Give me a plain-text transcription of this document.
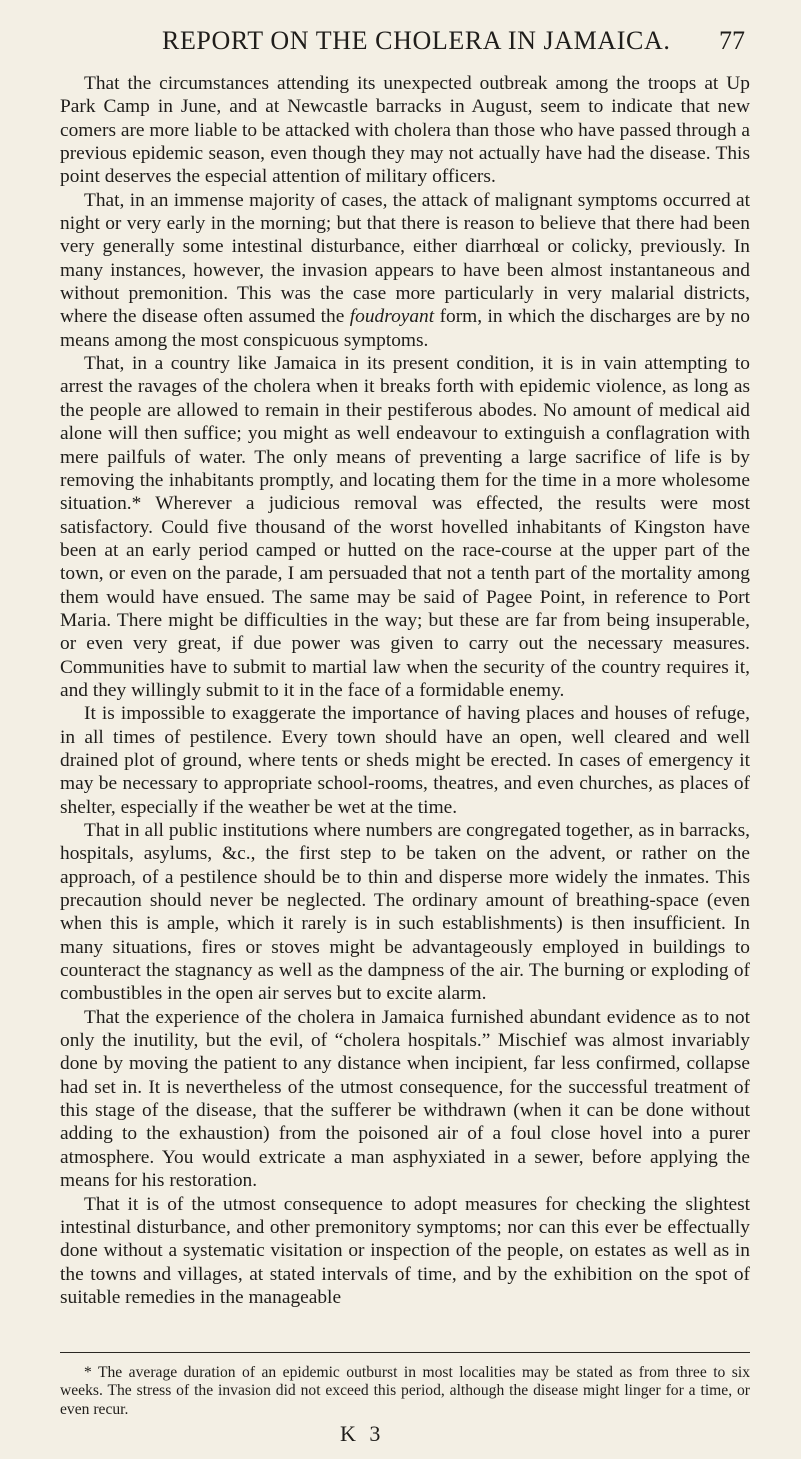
REPORT ON THE CHOLERA IN JAMAICA. 77

That the circumstances attending its unexpected outbreak among the troops at Up Park Camp in June, and at Newcastle barracks in August, seem to indicate that new comers are more liable to be attacked with cholera than those who have passed through a previous epidemic season, even though they may not actually have had the disease. This point deserves the especial attention of military officers.

That, in an immense majority of cases, the attack of malignant symptoms occurred at night or very early in the morning; but that there is reason to believe that there had been very generally some intestinal disturbance, either diarrhœal or colicky, previously. In many instances, however, the invasion appears to have been almost instantaneous and without premonition. This was the case more particularly in very malarial districts, where the disease often assumed the foudroyant form, in which the discharges are by no means among the most conspicuous symptoms.

That, in a country like Jamaica in its present condition, it is in vain attempting to arrest the ravages of the cholera when it breaks forth with epidemic violence, as long as the people are allowed to remain in their pestiferous abodes. No amount of medical aid alone will then suffice; you might as well endeavour to extinguish a conflagration with mere pailfuls of water. The only means of preventing a large sacrifice of life is by removing the inhabitants promptly, and locating them for the time in a more wholesome situation.* Wherever a judicious removal was effected, the results were most satisfactory. Could five thousand of the worst hovelled inhabitants of Kingston have been at an early period camped or hutted on the race-course at the upper part of the town, or even on the parade, I am persuaded that not a tenth part of the mortality among them would have ensued. The same may be said of Pagee Point, in reference to Port Maria. There might be difficulties in the way; but these are far from being insuperable, or even very great, if due power was given to carry out the necessary measures. Communities have to submit to martial law when the security of the country requires it, and they willingly submit to it in the face of a formidable enemy.

It is impossible to exaggerate the importance of having places and houses of refuge, in all times of pestilence. Every town should have an open, well cleared and well drained plot of ground, where tents or sheds might be erected. In cases of emergency it may be necessary to appropriate school-rooms, theatres, and even churches, as places of shelter, especially if the weather be wet at the time.

That in all public institutions where numbers are congregated together, as in barracks, hospitals, asylums, &c., the first step to be taken on the advent, or rather on the approach, of a pestilence should be to thin and disperse more widely the inmates. This precaution should never be neglected. The ordinary amount of breathing-space (even when this is ample, which it rarely is in such establishments) is then insufficient. In many situations, fires or stoves might be advantageously employed in buildings to counteract the stagnancy as well as the dampness of the air. The burning or exploding of combustibles in the open air serves but to excite alarm.

That the experience of the cholera in Jamaica furnished abundant evidence as to not only the inutility, but the evil, of “cholera hospitals.” Mischief was almost invariably done by moving the patient to any distance when incipient, far less confirmed, collapse had set in. It is nevertheless of the utmost consequence, for the successful treatment of this stage of the disease, that the sufferer be withdrawn (when it can be done without adding to the exhaustion) from the poisoned air of a foul close hovel into a purer atmosphere. You would extricate a man asphyxiated in a sewer, before applying the means for his restoration.

That it is of the utmost consequence to adopt measures for checking the slightest intestinal disturbance, and other premonitory symptoms; nor can this ever be effectually done without a systematic visitation or inspection of the people, on estates as well as in the towns and villages, at stated intervals of time, and by the exhibition on the spot of suitable remedies in the manageable

* The average duration of an epidemic outburst in most localities may be stated as from three to six weeks. The stress of the invasion did not exceed this period, although the disease might linger for a time, or even recur.

K 3
